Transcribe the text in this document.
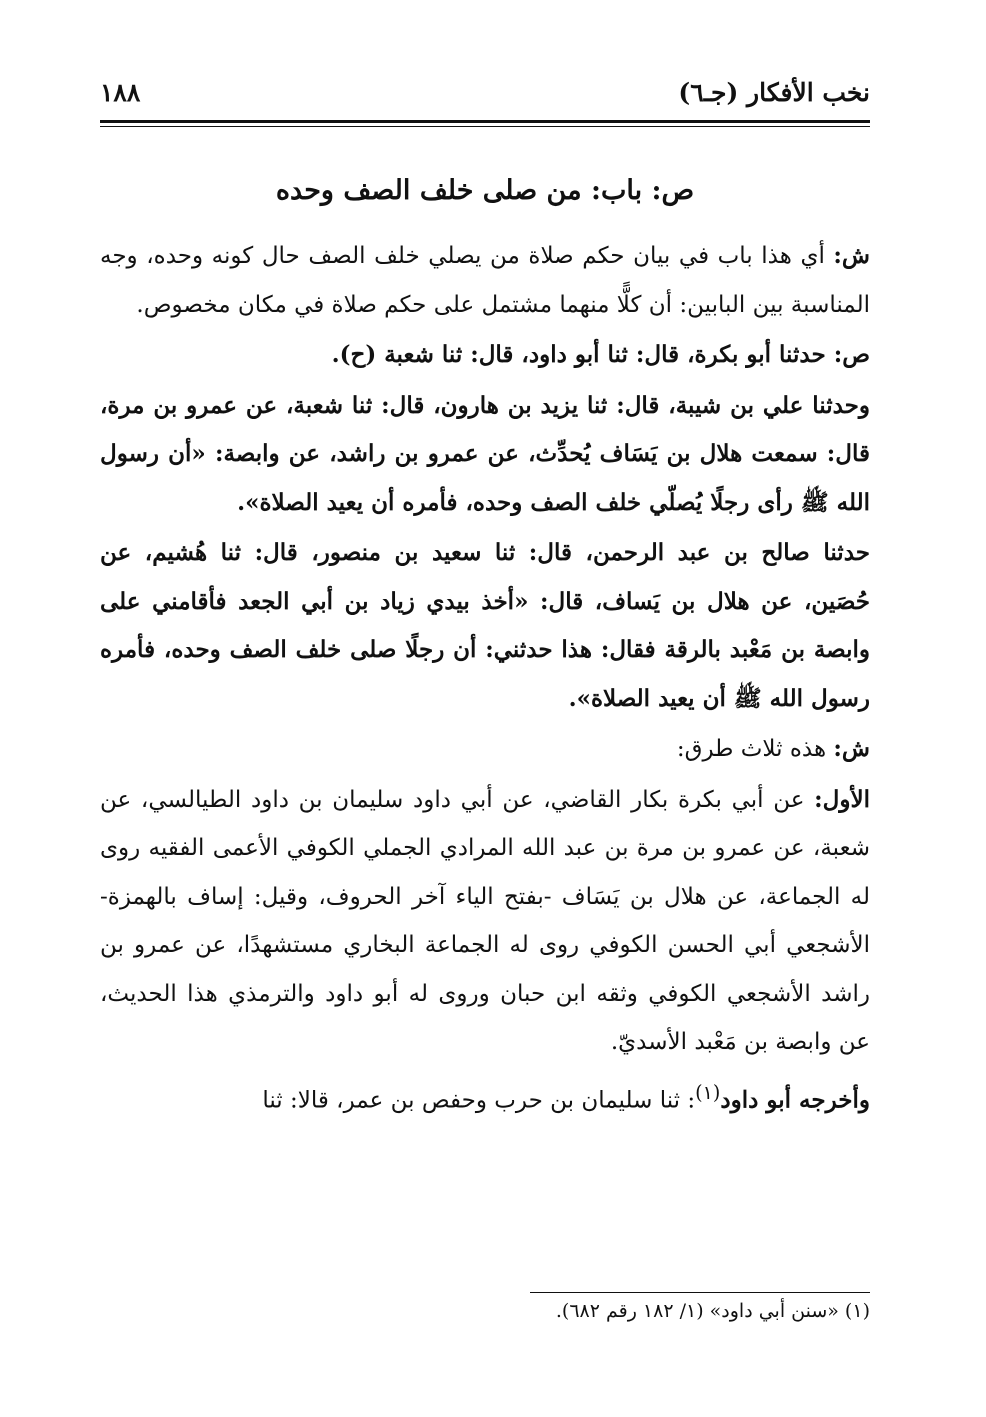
نخب الأفكار (جـ٦)
١٨٨
ص: باب: من صلى خلف الصف وحده

ش: أي هذا باب في بيان حكم صلاة من يصلي خلف الصف حال كونه وحده، وجه المناسبة بين البابين: أن كلًّا منهما مشتمل على حكم صلاة في مكان مخصوص.

ص: حدثنا أبو بكرة، قال: ثنا أبو داود، قال: ثنا شعبة (ح).

وحدثنا علي بن شيبة، قال: ثنا يزيد بن هارون، قال: ثنا شعبة، عن عمرو بن مرة، قال: سمعت هلال بن يَسَاف يُحدِّث، عن عمرو بن راشد، عن وابصة: «أن رسول الله ﷺ رأى رجلًا يُصلّي خلف الصف وحده، فأمره أن يعيد الصلاة».

حدثنا صالح بن عبد الرحمن، قال: ثنا سعيد بن منصور، قال: ثنا هُشيم، عن حُصَين، عن هلال بن يَساف، قال: «أخذ بيدي زياد بن أبي الجعد فأقامني على وابصة بن مَعْبد بالرقة فقال: هذا حدثني: أن رجلًا صلى خلف الصف وحده، فأمره رسول الله ﷺ أن يعيد الصلاة».

ش: هذه ثلاث طرق:

الأول: عن أبي بكرة بكار القاضي، عن أبي داود سليمان بن داود الطيالسي، عن شعبة، عن عمرو بن مرة بن عبد الله المرادي الجملي الكوفي الأعمى الفقيه روى له الجماعة، عن هلال بن يَسَاف -بفتح الياء آخر الحروف، وقيل: إساف بالهمزة- الأشجعي أبي الحسن الكوفي روى له الجماعة البخاري مستشهدًا، عن عمرو بن راشد الأشجعي الكوفي وثقه ابن حبان وروى له أبو داود والترمذي هذا الحديث، عن وابصة بن مَعْبد الأسديّ.

وأخرجه أبو داود$^{(١)}$: ثنا سليمان بن حرب وحفص بن عمر، قالا: ثنا

(١) «سنن أبي داود» (١/ ١٨٢ رقم ٦٨٢).
